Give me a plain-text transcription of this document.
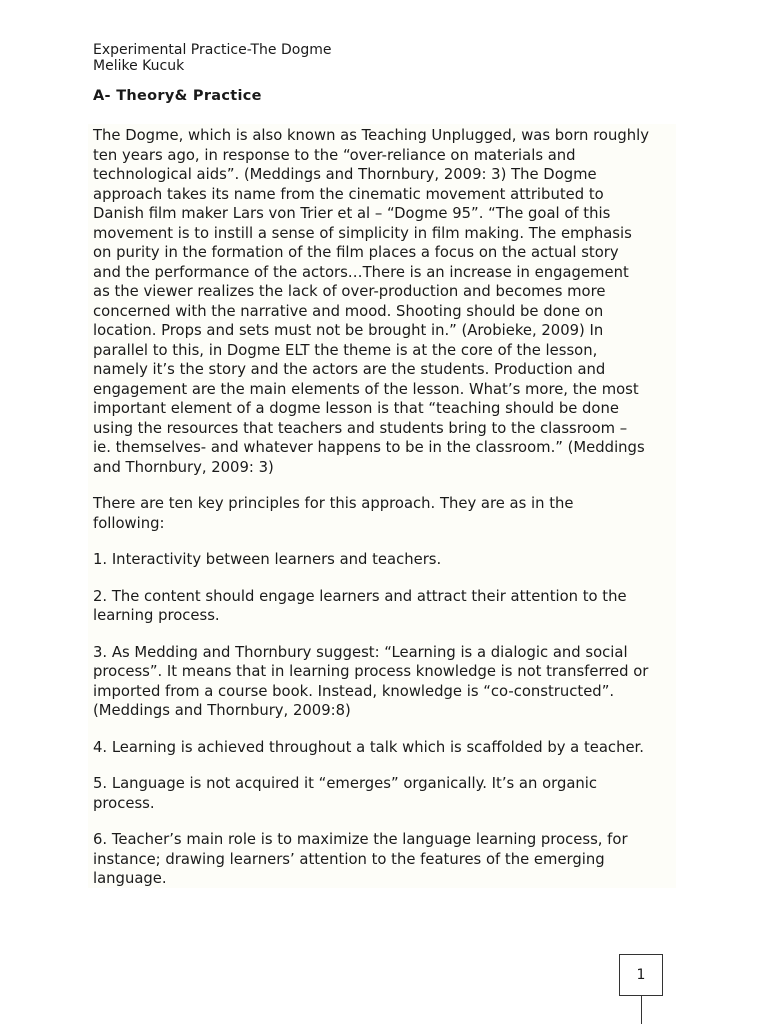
Experimental Practice-The Dogme
Melike Kucuk
A- Theory& Practice

The Dogme, which is also known as Teaching Unplugged, was born roughly
ten years ago, in response to the “over-reliance on materials and
technological aids”. (Meddings and Thornbury, 2009: 3) The Dogme
approach takes its name from the cinematic movement attributed to
Danish film maker Lars von Trier et al – “Dogme 95”. “The goal of this
movement is to instill a sense of simplicity in film making. The emphasis
on purity in the formation of the film places a focus on the actual story
and the performance of the actors…There is an increase in engagement
as the viewer realizes the lack of over-production and becomes more
concerned with the narrative and mood. Shooting should be done on
location. Props and sets must not be brought in.” (Arobieke, 2009) In
parallel to this, in Dogme ELT the theme is at the core of the lesson,
namely it’s the story and the actors are the students. Production and
engagement are the main elements of the lesson. What’s more, the most
important element of a dogme lesson is that “teaching should be done
using the resources that teachers and students bring to the classroom –
ie. themselves- and whatever happens to be in the classroom.” (Meddings
and Thornbury, 2009: 3)

There are ten key principles for this approach. They are as in the
following:

1. Interactivity between learners and teachers.

2. The content should engage learners and attract their attention to the
learning process.

3. As Medding and Thornbury suggest: “Learning is a dialogic and social
process”. It means that in learning process knowledge is not transferred or
imported from a course book. Instead, knowledge is “co-constructed”.
(Meddings and Thornbury, 2009:8)

4. Learning is achieved throughout a talk which is scaffolded by a teacher.

5. Language is not acquired it “emerges” organically. It’s an organic
process.

6. Teacher’s main role is to maximize the language learning process, for
instance; drawing learners’ attention to the features of the emerging
language.

1
